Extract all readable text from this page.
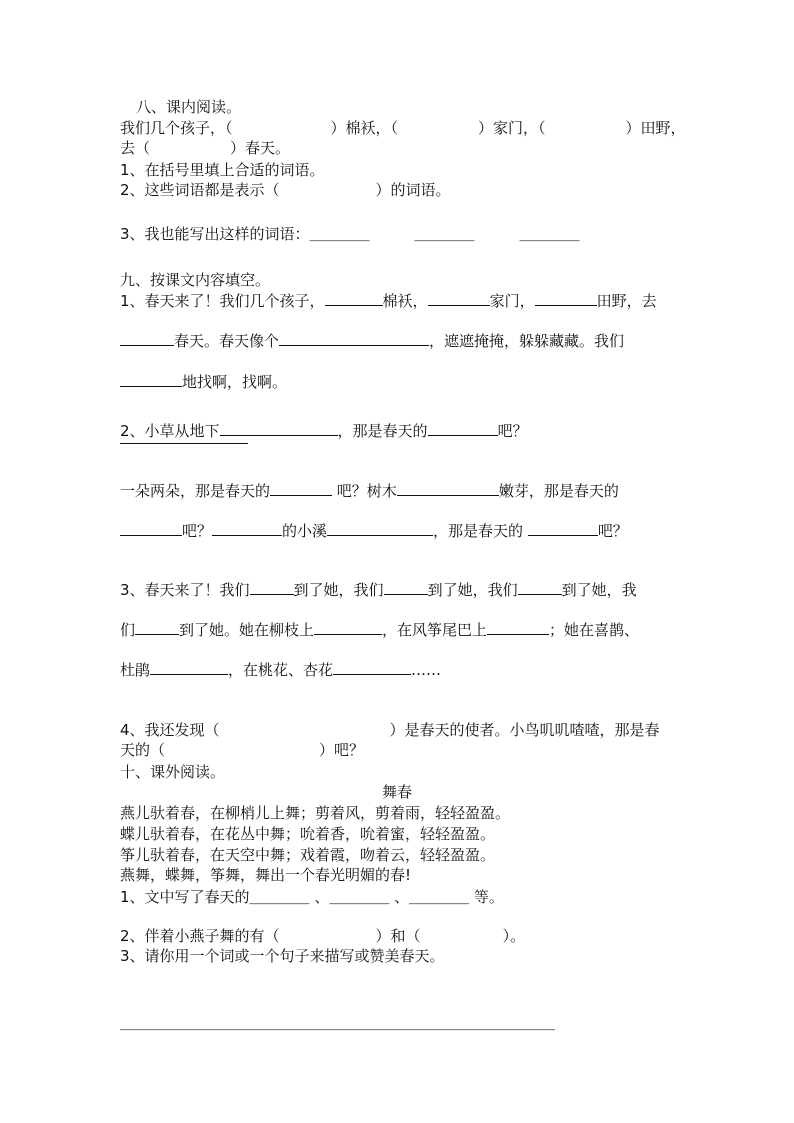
八、课内阅读。
我们几个孩子，（	）棉袄，（	）家门，（	）田野，
去（	）春天。
1、在括号里填上合适的词语。
2、这些词语都是表示（	）的词语。
3、我也能写出这样的词语：＿＿＿＿　　　＿＿＿＿　　　＿＿＿＿
九、按课文内容填空。
1、春天来了！我们几个孩子，	棉袄，	家门，	田野，去
春天。春天像个	，遮遮掩掩，躲躲藏藏。我们
地找啊，找啊。
2、小草从地下	，那是春天的	吧？
一朵两朵，那是春天的	吧？树木	嫩芽，那是春天的
吧？	的小溪	，那是春天的	吧？
3、春天来了！我们	到了她，我们	到了她，我们	到了她，我
们	到了她。她在柳枝上	，在风筝尾巴上	；她在喜鹊、
杜鹃	，在桃花、杏花	……
4、我还发现（	）是春天的使者。小鸟叽叽喳喳，那是春
天的（	）吧？
十、课外阅读。
舞春
燕儿驮着春，在柳梢儿上舞；剪着风，剪着雨，轻轻盈盈。
蝶儿驮着春，在花丛中舞；吮着香，吮着蜜，轻轻盈盈。
筝儿驮着春，在天空中舞；戏着霞，吻着云，轻轻盈盈。
燕舞，蝶舞，筝舞，舞出一个春光明媚的春!
1、文中写了春天的＿＿＿＿ 、＿＿＿＿ 、＿＿＿＿ 等。
2、伴着小燕子舞的有（	）和（	）。
3、请你用一个词或一个句子来描写或赞美春天。
＿＿＿＿＿＿＿＿＿＿＿＿＿＿＿＿＿＿＿＿＿＿＿＿＿＿＿＿＿
